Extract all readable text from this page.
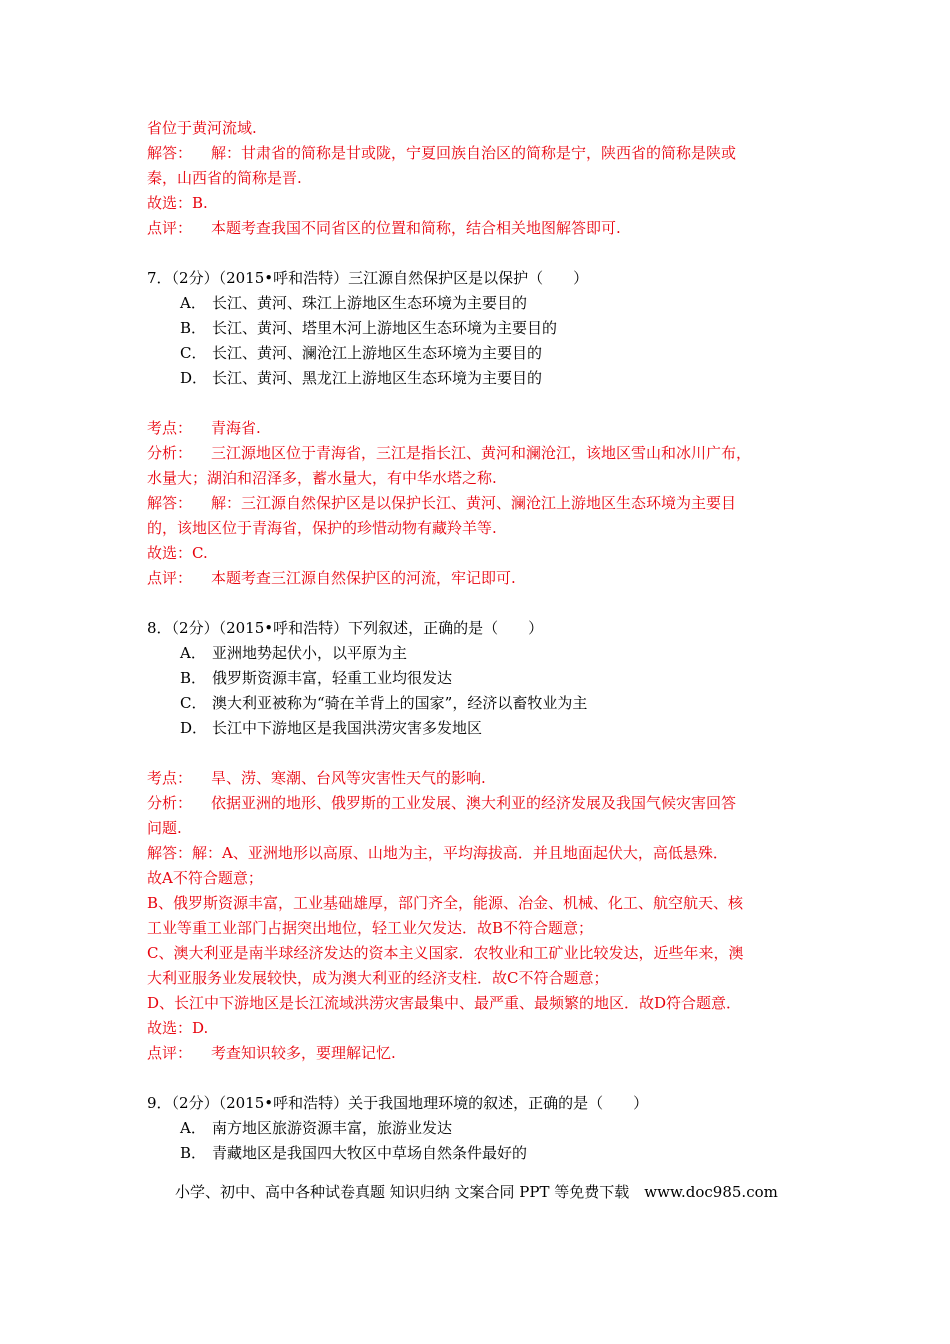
省位于黄河流域.
解答： 解：甘肃省的简称是甘或陇，宁夏回族自治区的简称是宁，陕西省的简称是陕或
秦，山西省的简称是晋.
故选：B.
点评： 本题考查我国不同省区的位置和简称，结合相关地图解答即可.
7．（2分）（2015•呼和浩特）三江源自然保护区是以保护（　　）
A． 长江、黄河、珠江上游地区生态环境为主要目的
B． 长江、黄河、塔里木河上游地区生态环境为主要目的
C． 长江、黄河、澜沧江上游地区生态环境为主要目的
D． 长江、黄河、黑龙江上游地区生态环境为主要目的
考点： 青海省.
分析： 三江源地区位于青海省，三江是指长江、黄河和澜沧江，该地区雪山和冰川广布，
水量大；湖泊和沼泽多，蓄水量大，有中华水塔之称.
解答： 解：三江源自然保护区是以保护长江、黄河、澜沧江上游地区生态环境为主要目
的，该地区位于青海省，保护的珍惜动物有藏羚羊等.
故选：C.
点评： 本题考查三江源自然保护区的河流，牢记即可.
8．（2分）（2015•呼和浩特）下列叙述，正确的是（　　）
A． 亚洲地势起伏小，以平原为主
B． 俄罗斯资源丰富，轻重工业均很发达
C． 澳大利亚被称为“骑在羊背上的国家”，经济以畜牧业为主
D． 长江中下游地区是我国洪涝灾害多发地区
考点： 旱、涝、寒潮、台风等灾害性天气的影响.
分析： 依据亚洲的地形、俄罗斯的工业发展、澳大利亚的经济发展及我国气候灾害回答
问题.
解答：解：A、亚洲地形以高原、山地为主，平均海拔高．并且地面起伏大，高低悬殊．
故A不符合题意；
B、俄罗斯资源丰富，工业基础雄厚，部门齐全，能源、冶金、机械、化工、航空航天、核
工业等重工业部门占据突出地位，轻工业欠发达．故B不符合题意；
C、澳大利亚是南半球经济发达的资本主义国家．农牧业和工矿业比较发达，近些年来，澳
大利亚服务业发展较快，成为澳大利亚的经济支柱．故C不符合题意；
D、长江中下游地区是长江流域洪涝灾害最集中、最严重、最频繁的地区．故D符合题意．
故选：D.
点评： 考查知识较多，要理解记忆.
9．（2分）（2015•呼和浩特）关于我国地理环境的叙述，正确的是（　　）
A． 南方地区旅游资源丰富，旅游业发达
B． 青藏地区是我国四大牧区中草场自然条件最好的
小学、初中、高中各种试卷真题 知识归纳 文案合同 PPT 等免费下载　www.doc985.com
